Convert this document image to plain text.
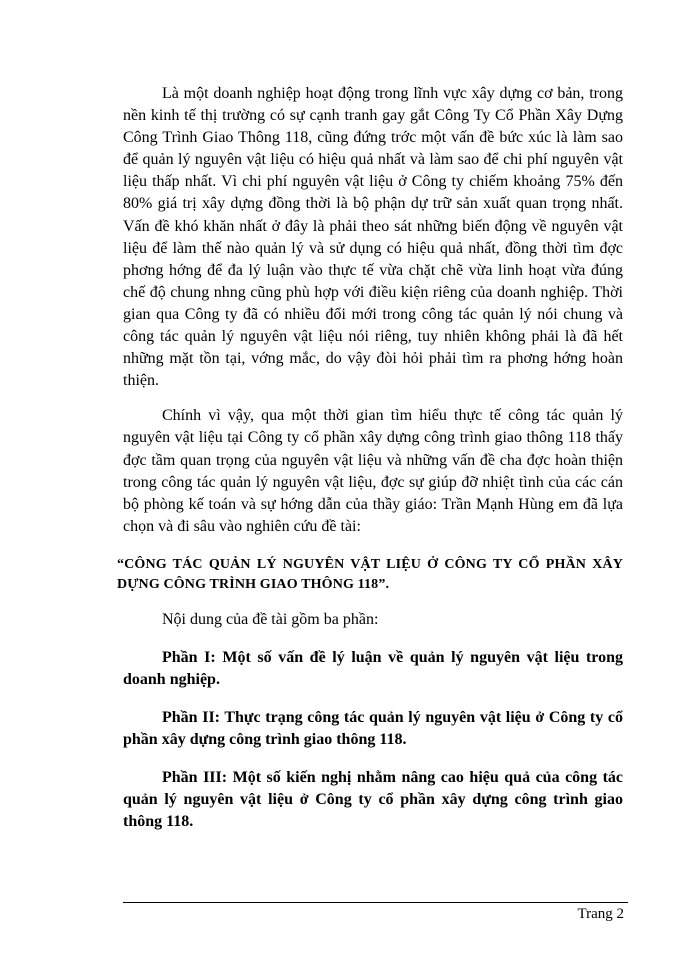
Là một doanh nghiệp hoạt động trong lĩnh vực xây dựng cơ bản, trong nền kinh tế thị trường có sự cạnh tranh gay gắt Công Ty Cổ Phần Xây Dựng Công Trình Giao Thông 118, cũng đứng trớc một vấn đề bức xúc là làm sao để quản lý nguyên vật liệu có hiệu quả nhất và làm sao để chi phí nguyên vật liệu thấp nhất. Vì chi phí nguyên vật liệu ở Công ty chiếm khoảng 75% đến 80% giá trị xây dựng đồng thời là bộ phận dự trữ sản xuất quan trọng nhất. Vấn đề khó khăn nhất ở đây là phải theo sát những biến động về nguyên vật liệu để làm thế nào quản lý và sử dụng có hiệu quả nhất, đồng thời tìm đợc phơng hớng để đa lý luận vào thực tế vừa chặt chẽ vừa linh hoạt vừa đúng chế độ chung nhng cũng phù hợp với điều kiện riêng của doanh nghiệp. Thời gian qua Công ty đã có nhiều đổi mới trong công tác quản lý nói chung và công tác quản lý nguyên vật liệu nói riêng, tuy nhiên không phải là đã hết những mặt tồn tại, vớng mắc, do vậy đòi hỏi phải tìm ra phơng hớng hoàn thiện.

Chính vì vậy, qua một thời gian tìm hiểu thực tế công tác quản lý nguyên vật liệu tại Công ty cổ phần xây dựng công trình giao thông 118 thấy đợc tầm quan trọng của nguyên vật liệu và những vấn đề cha đợc hoàn thiện trong công tác quản lý nguyên vật liệu, đợc sự giúp đỡ nhiệt tình của các cán bộ phòng kế toán và sự hớng dẫn của thầy giáo: Trần Mạnh Hùng em đã lựa chọn và đi sâu vào nghiên cứu đề tài:

“CÔNG TÁC QUẢN LÝ NGUYÊN VẬT LIỆU Ở CÔNG TY CỔ PHẦN XÂY DỰNG CÔNG TRÌNH GIAO THÔNG 118”.

Nội dung của đề tài gồm ba phần:

Phần I: Một số vấn đề lý luận về quản lý nguyên vật liệu trong doanh nghiệp.

Phần II: Thực trạng công tác quản lý nguyên vật liệu ở Công ty cổ phần xây dựng công trình giao thông 118.

Phần III: Một số kiến nghị nhằm nâng cao hiệu quả của công tác quản lý nguyên vật liệu ở Công ty cổ phần xây dựng công trình giao thông 118.

Trang 2
